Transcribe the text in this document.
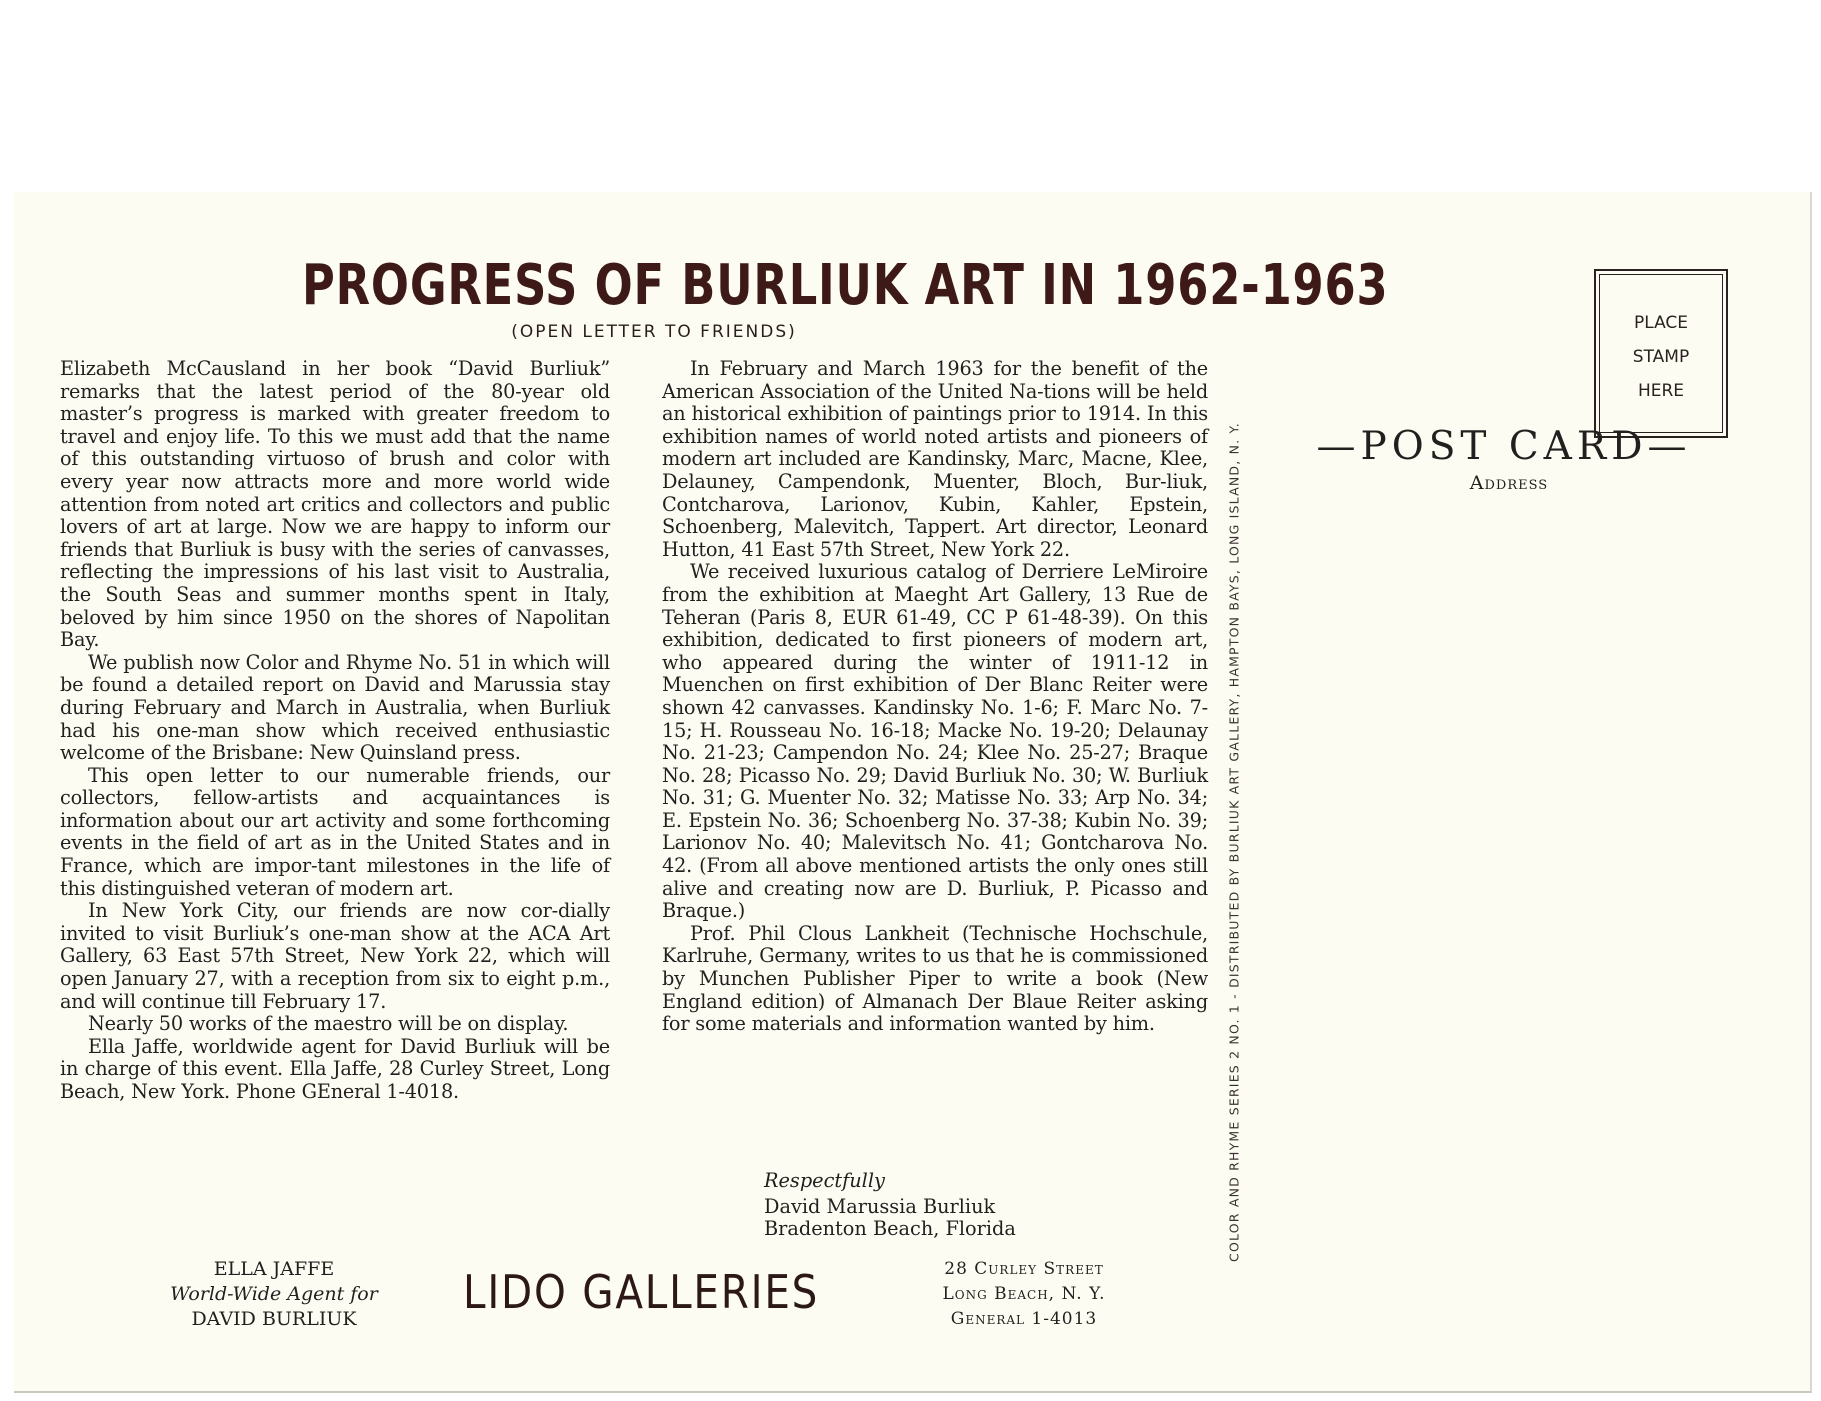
PROGRESS OF BURLIUK ART IN 1962-1963
(OPEN LETTER TO FRIENDS)

Elizabeth McCausland in her book “David Burliuk” remarks that the latest period of the 80-year old master’s progress is marked with greater freedom to travel and enjoy life. To this we must add that the name of this outstanding virtuoso of brush and color with every year now attracts more and more world wide attention from noted art critics and collectors and public lovers of art at large. Now we are happy to inform our friends that Burliuk is busy with the series of canvasses, reflecting the impressions of his last visit to Australia, the South Seas and summer months spent in Italy, beloved by him since 1950 on the shores of Napolitan Bay.

We publish now Color and Rhyme No. 51 in which will be found a detailed report on David and Marussia stay during February and March in Australia, when Burliuk had his one-man show which received enthusiastic welcome of the Brisbane: New Quinsland press.

This open letter to our numerable friends, our collectors, fellow-artists and acquaintances is information about our art activity and some forthcoming events in the field of art as in the United States and in France, which are impor-tant milestones in the life of this distinguished veteran of modern art.

In New York City, our friends are now cor-dially invited to visit Burliuk’s one-man show at the ACA Art Gallery, 63 East 57th Street, New York 22, which will open January 27, with a reception from six to eight p.m., and will continue till February 17.

Nearly 50 works of the maestro will be on display.

Ella Jaffe, worldwide agent for David Burliuk will be in charge of this event. Ella Jaffe, 28 Curley Street, Long Beach, New York. Phone GEneral 1-4018.

In February and March 1963 for the benefit of the American Association of the United Na-tions will be held an historical exhibition of paintings prior to 1914. In this exhibition names of world noted artists and pioneers of modern art included are Kandinsky, Marc, Macne, Klee, Delauney, Campendonk, Muenter, Bloch, Bur-liuk, Contcharova, Larionov, Kubin, Kahler, Epstein, Schoenberg, Malevitch, Tappert. Art director, Leonard Hutton, 41 East 57th Street, New York 22.

We received luxurious catalog of Derriere LeMiroire from the exhibition at Maeght Art Gallery, 13 Rue de Teheran (Paris 8, EUR 61-49, CC P 61-48-39). On this exhibition, dedicated to first pioneers of modern art, who appeared during the winter of 1911-12 in Muenchen on first exhibition of Der Blanc Reiter were shown 42 canvasses. Kandinsky No. 1-6; F. Marc No. 7-15; H. Rousseau No. 16-18; Macke No. 19-20; Delaunay No. 21-23; Campendon No. 24; Klee No. 25-27; Braque No. 28; Picasso No. 29; David Burliuk No. 30; W. Burliuk No. 31; G. Muenter No. 32; Matisse No. 33; Arp No. 34; E. Epstein No. 36; Schoenberg No. 37-38; Kubin No. 39; Larionov No. 40; Malevitsch No. 41; Gontcharova No. 42. (From all above mentioned artists the only ones still alive and creating now are D. Burliuk, P. Picasso and Braque.)

Prof. Phil Clous Lankheit (Technische Hochschule, Karlruhe, Germany, writes to us that he is commissioned by Munchen Publisher Piper to write a book (New England edition) of Almanach Der Blaue Reiter asking for some materials and information wanted by him.

Respectfully
David Marussia Burliuk
Bradenton Beach, Florida
ELLA JAFFE
World-Wide Agent for
DAVID BURLIUK	LIDO GALLERIES	28 Curley Street
Long Beach, N. Y.
General 1-4013
COLOR AND RHYME SERIES 2 NO. 1 - DISTRIBUTED BY BURLIUK ART GALLERY, HAMPTON BAYS, LONG ISLAND, N. Y.
PLACE
STAMP
HERE
—POST CARD—
Address
